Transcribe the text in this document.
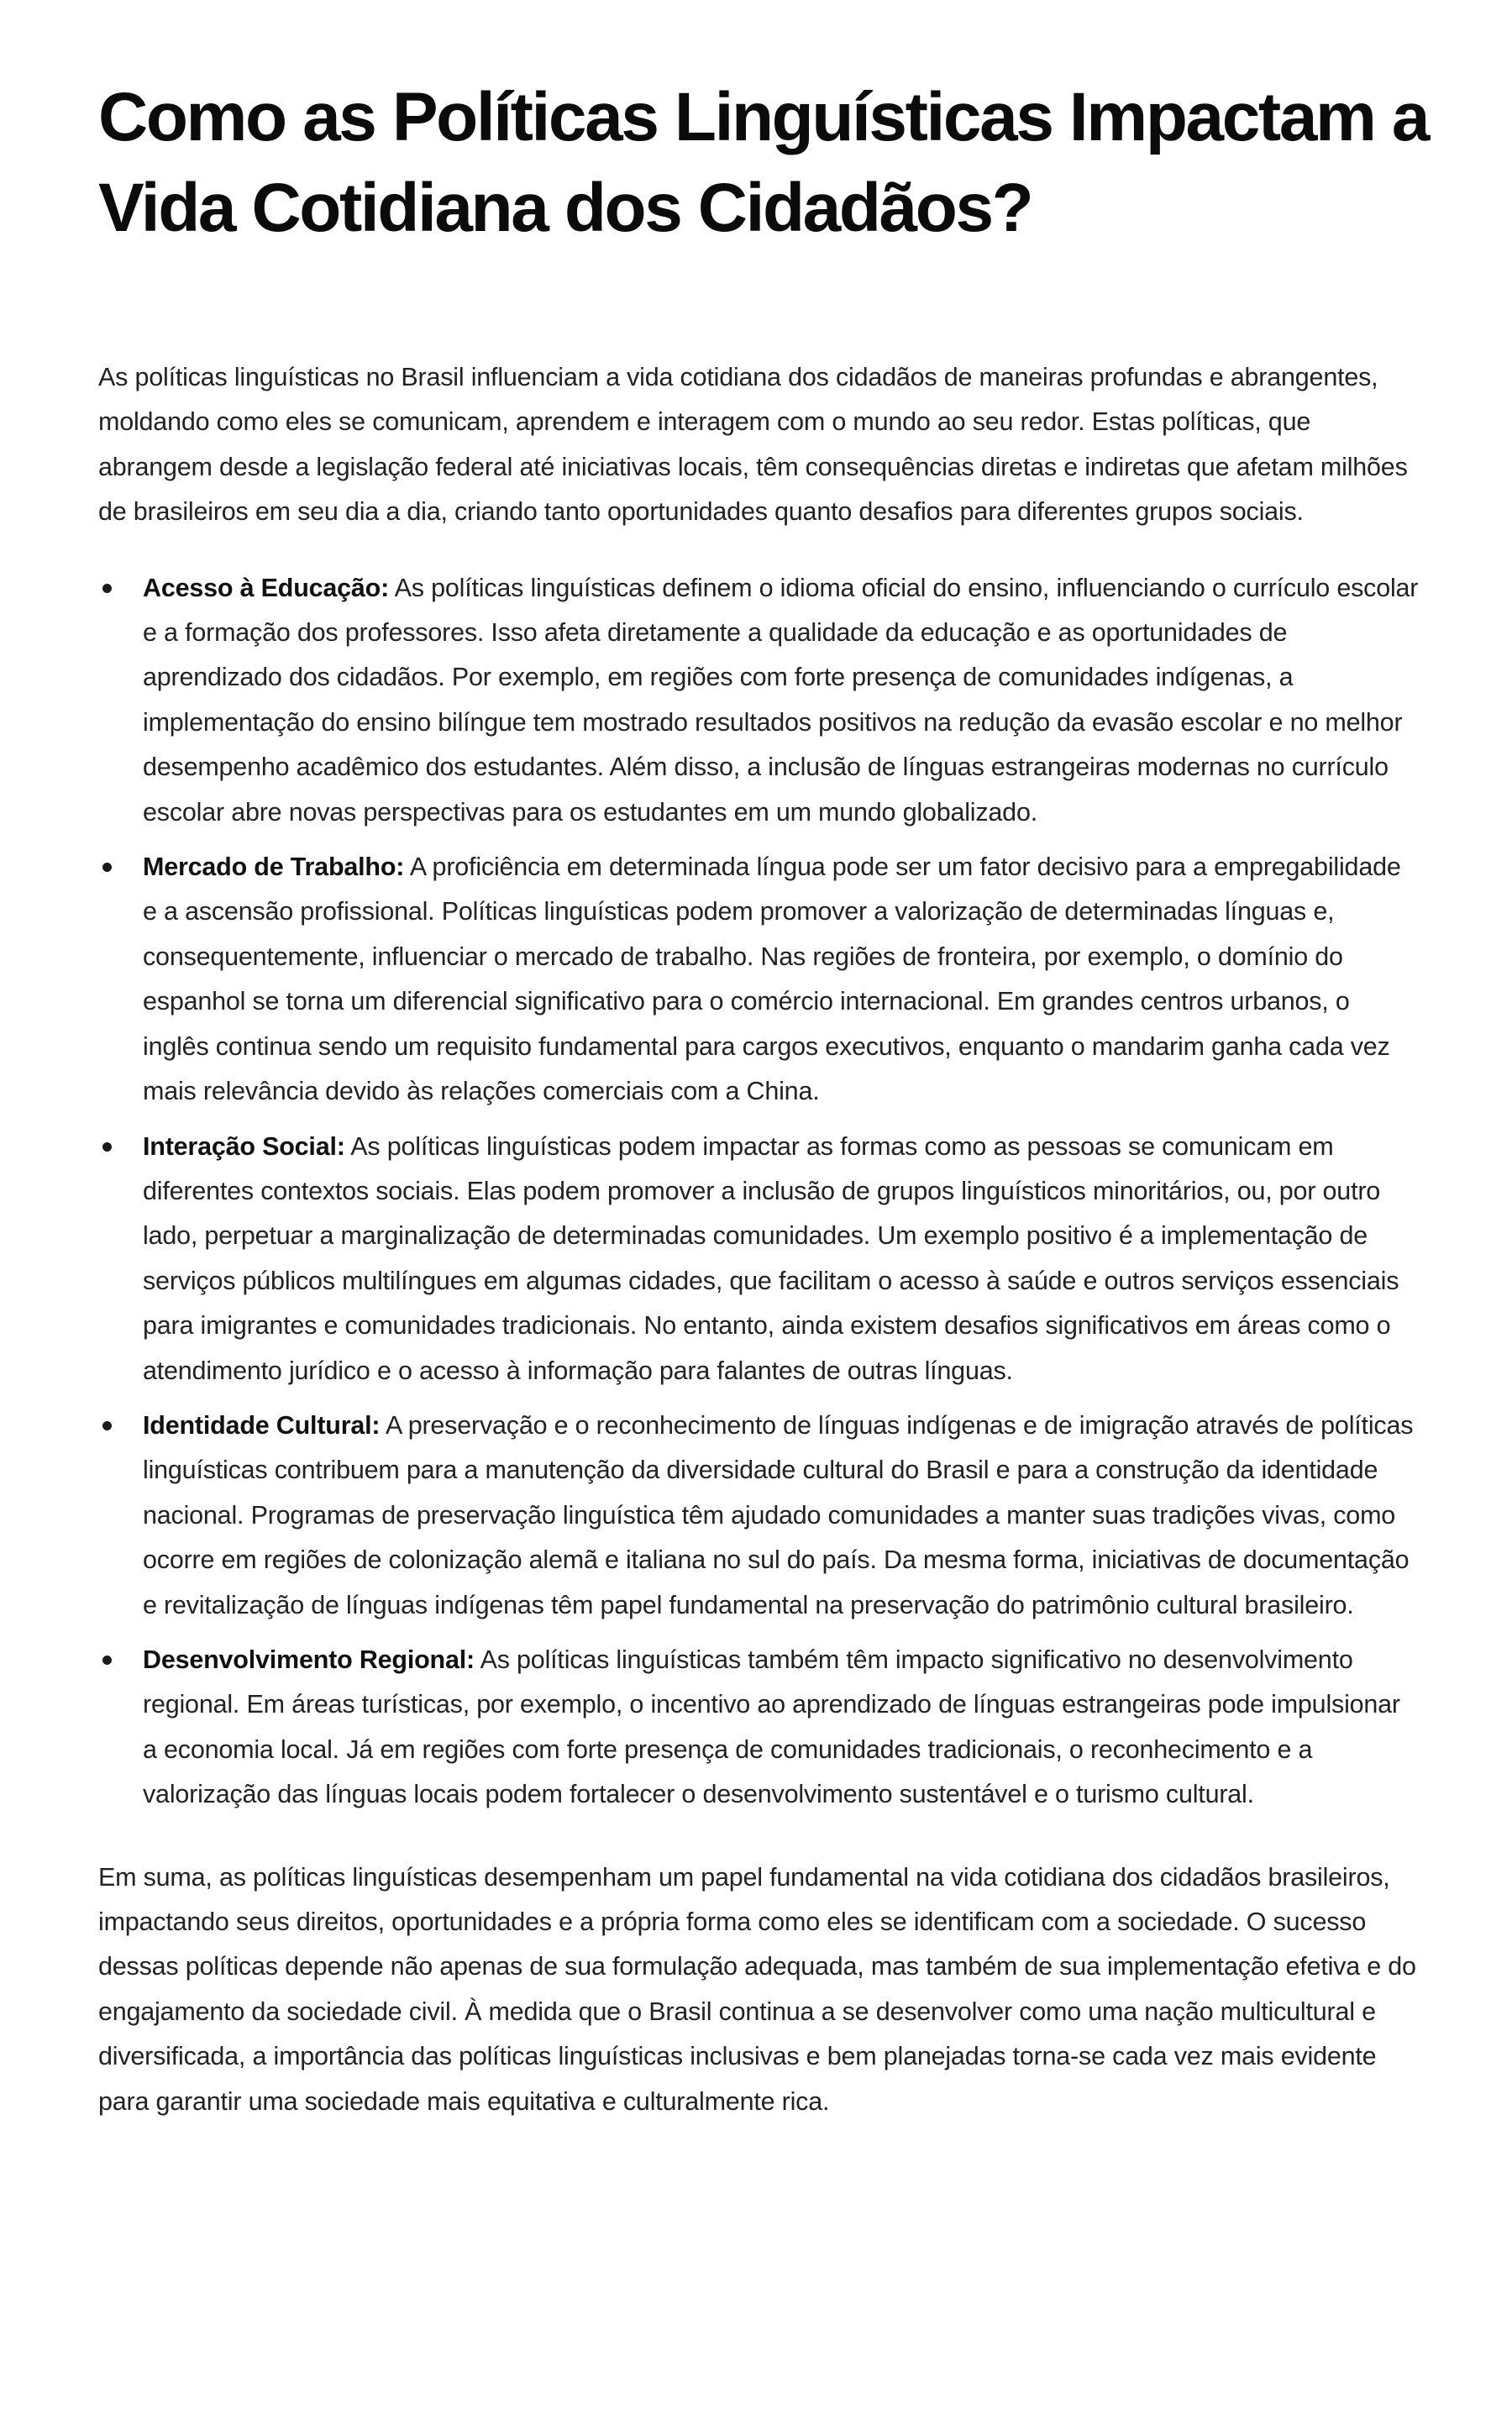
Como as Políticas Linguísticas Impactam a Vida Cotidiana dos Cidadãos?

As políticas linguísticas no Brasil influenciam a vida cotidiana dos cidadãos de maneiras profundas e abrangentes, moldando como eles se comunicam, aprendem e interagem com o mundo ao seu redor. Estas políticas, que abrangem desde a legislação federal até iniciativas locais, têm consequências diretas e indiretas que afetam milhões de brasileiros em seu dia a dia, criando tanto oportunidades quanto desafios para diferentes grupos sociais.

Acesso à Educação: As políticas linguísticas definem o idioma oficial do ensino, influenciando o currículo escolar e a formação dos professores. Isso afeta diretamente a qualidade da educação e as oportunidades de aprendizado dos cidadãos. Por exemplo, em regiões com forte presença de comunidades indígenas, a implementação do ensino bilíngue tem mostrado resultados positivos na redução da evasão escolar e no melhor desempenho acadêmico dos estudantes. Além disso, a inclusão de línguas estrangeiras modernas no currículo escolar abre novas perspectivas para os estudantes em um mundo globalizado.
Mercado de Trabalho: A proficiência em determinada língua pode ser um fator decisivo para a empregabilidade e a ascensão profissional. Políticas linguísticas podem promover a valorização de determinadas línguas e, consequentemente, influenciar o mercado de trabalho. Nas regiões de fronteira, por exemplo, o domínio do espanhol se torna um diferencial significativo para o comércio internacional. Em grandes centros urbanos, o inglês continua sendo um requisito fundamental para cargos executivos, enquanto o mandarim ganha cada vez mais relevância devido às relações comerciais com a China.
Interação Social: As políticas linguísticas podem impactar as formas como as pessoas se comunicam em diferentes contextos sociais. Elas podem promover a inclusão de grupos linguísticos minoritários, ou, por outro lado, perpetuar a marginalização de determinadas comunidades. Um exemplo positivo é a implementação de serviços públicos multilíngues em algumas cidades, que facilitam o acesso à saúde e outros serviços essenciais para imigrantes e comunidades tradicionais. No entanto, ainda existem desafios significativos em áreas como o atendimento jurídico e o acesso à informação para falantes de outras línguas.
Identidade Cultural: A preservação e o reconhecimento de línguas indígenas e de imigração através de políticas linguísticas contribuem para a manutenção da diversidade cultural do Brasil e para a construção da identidade nacional. Programas de preservação linguística têm ajudado comunidades a manter suas tradições vivas, como ocorre em regiões de colonização alemã e italiana no sul do país. Da mesma forma, iniciativas de documentação e revitalização de línguas indígenas têm papel fundamental na preservação do patrimônio cultural brasileiro.
Desenvolvimento Regional: As políticas linguísticas também têm impacto significativo no desenvolvimento regional. Em áreas turísticas, por exemplo, o incentivo ao aprendizado de línguas estrangeiras pode impulsionar a economia local. Já em regiões com forte presença de comunidades tradicionais, o reconhecimento e a valorização das línguas locais podem fortalecer o desenvolvimento sustentável e o turismo cultural.

Em suma, as políticas linguísticas desempenham um papel fundamental na vida cotidiana dos cidadãos brasileiros, impactando seus direitos, oportunidades e a própria forma como eles se identificam com a sociedade. O sucesso dessas políticas depende não apenas de sua formulação adequada, mas também de sua implementação efetiva e do engajamento da sociedade civil. À medida que o Brasil continua a se desenvolver como uma nação multicultural e diversificada, a importância das políticas linguísticas inclusivas e bem planejadas torna-se cada vez mais evidente para garantir uma sociedade mais equitativa e culturalmente rica.
